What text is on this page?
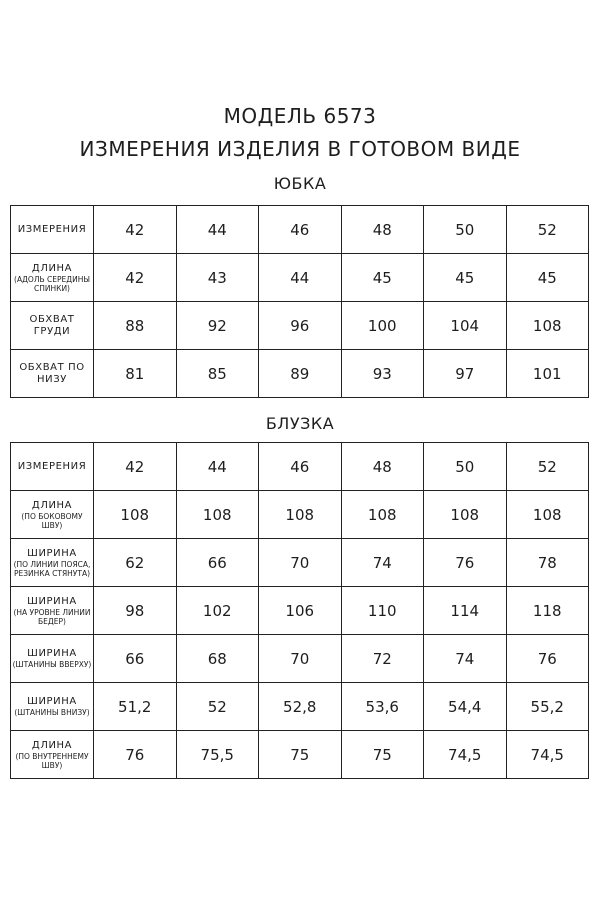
МОДЕЛЬ 6573
ИЗМЕРЕНИЯ ИЗДЕЛИЯ В ГОТОВОМ ВИДЕ
ЮБКА
ИЗМЕРЕНИЯ	42	44	46	48	50	52

ДЛИНА
(АДОЛЬ СЕРЕДИНЫ СПИНКИ)	42	43	44	45	45	45

ОБХВАТ ГРУДИ	88	92	96	100	104	108

ОБХВАТ ПО НИЗУ	81	85	89	93	97	101
БЛУЗКА
ИЗМЕРЕНИЯ	42	44	46	48	50	52

ДЛИНА
(ПО БОКОВОМУ ШВУ)	108	108	108	108	108	108

ШИРИНА
(ПО ЛИНИИ ПОЯСА, РЕЗИНКА СТЯНУТА)	62	66	70	74	76	78

ШИРИНА
(НА УРОВНЕ ЛИНИИ БЕДЕР)	98	102	106	110	114	118

ШИРИНА
(ШТАНИНЫ ВВЕРХУ)	66	68	70	72	74	76

ШИРИНА
(ШТАНИНЫ ВНИЗУ)	51,2	52	52,8	53,6	54,4	55,2

ДЛИНА
(ПО ВНУТРЕННЕМУ ШВУ)	76	75,5	75	75	74,5	74,5
